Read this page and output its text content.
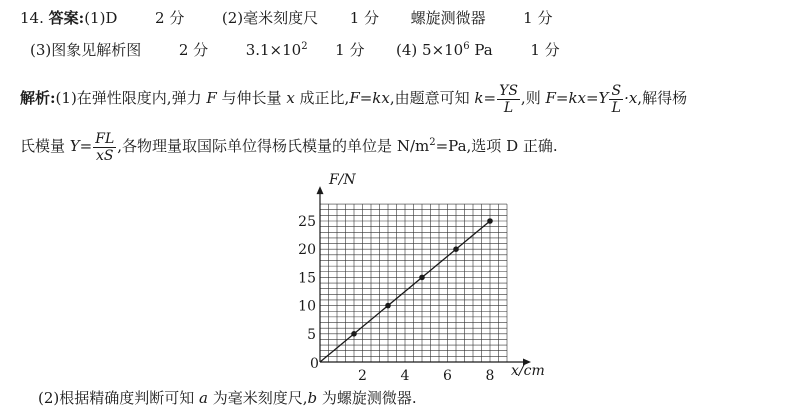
14. 答案:(1)D	2 分	(2)毫米刻度尺 1 分 螺旋测微器	1 分
(3)图象见解析图	2 分	$3.1\times 10^2$ 1 分 (4) $5\times 10^6$ Pa	1 分
解析:(1)在弹性限度内,弹力 F 与伸长量 x 成正比,F=kx,由题意可知 $k= \frac{YS}{L}$ ,则 $F=kx=Y \frac{S}{L} \cdot x$,解得杨
氏模量 $Y= \frac{FL}{xS}$ ,各物理量取国际单位得杨氏模量的单位是 $N/m^2=Pa$,选项 D 正确.
2 4 6 8
5
10
15
20
25
F/N
x/cm
0
(2)根据精确度判断可知 a 为毫米刻度尺,b 为螺旋测微器.
